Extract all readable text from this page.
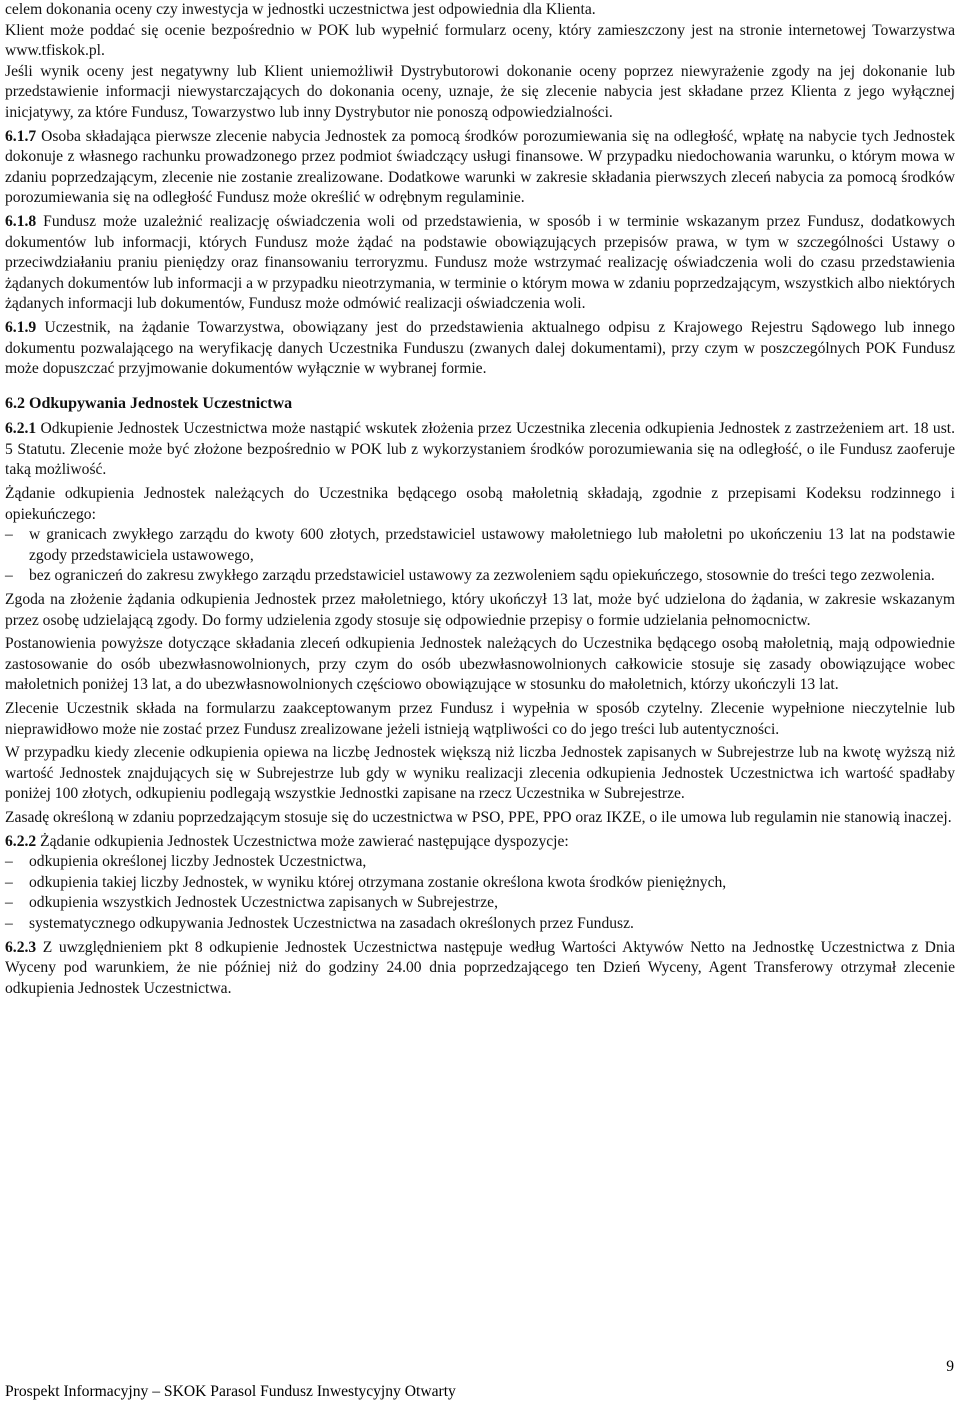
celem dokonania oceny czy inwestycja w jednostki uczestnictwa jest odpowiednia dla Klienta.

Klient może poddać się ocenie bezpośrednio w POK lub wypełnić formularz oceny, który zamieszczony jest na stronie internetowej Towarzystwa www.tfiskok.pl.

Jeśli wynik oceny jest negatywny lub Klient uniemożliwił Dystrybutorowi dokonanie oceny poprzez niewyrażenie zgody na jej dokonanie lub przedstawienie informacji niewystarczających do dokonania oceny, uznaje, że się zlecenie nabycia jest składane przez Klienta z jego wyłącznej inicjatywy, za które Fundusz, Towarzystwo lub inny Dystrybutor nie ponoszą odpowiedzialności.

6.1.7 Osoba składająca pierwsze zlecenie nabycia Jednostek za pomocą środków porozumiewania się na odległość, wpłatę na nabycie tych Jednostek dokonuje z własnego rachunku prowadzonego przez podmiot świadczący usługi finansowe. W przypadku niedochowania warunku, o którym mowa w zdaniu poprzedzającym, zlecenie nie zostanie zrealizowane. Dodatkowe warunki w zakresie składania pierwszych zleceń nabycia za pomocą środków porozumiewania się na odległość Fundusz może określić w odrębnym regulaminie.

6.1.8 Fundusz może uzależnić realizację oświadczenia woli od przedstawienia, w sposób i w terminie wskazanym przez Fundusz, dodatkowych dokumentów lub informacji, których Fundusz może żądać na podstawie obowiązujących przepisów prawa, w tym w szczególności Ustawy o przeciwdziałaniu praniu pieniędzy oraz finansowaniu terroryzmu. Fundusz może wstrzymać realizację oświadczenia woli do czasu przedstawienia żądanych dokumentów lub informacji a w przypadku nieotrzymania, w terminie o którym mowa w zdaniu poprzedzającym, wszystkich albo niektórych żądanych informacji lub dokumentów, Fundusz może odmówić realizacji oświadczenia woli.

6.1.9 Uczestnik, na żądanie Towarzystwa, obowiązany jest do przedstawienia aktualnego odpisu z Krajowego Rejestru Sądowego lub innego dokumentu pozwalającego na weryfikację danych Uczestnika Funduszu (zwanych dalej dokumentami), przy czym w poszczególnych POK Fundusz może dopuszczać przyjmowanie dokumentów wyłącznie w wybranej formie.

6.2 Odkupywania Jednostek Uczestnictwa

6.2.1 Odkupienie Jednostek Uczestnictwa może nastąpić wskutek złożenia przez Uczestnika zlecenia odkupienia Jednostek z zastrzeżeniem art. 18 ust. 5 Statutu. Zlecenie może być złożone bezpośrednio w POK lub z wykorzystaniem środków porozumiewania się na odległość, o ile Fundusz zaoferuje taką możliwość.

Żądanie odkupienia Jednostek należących do Uczestnika będącego osobą małoletnią składają, zgodnie z przepisami Kodeksu rodzinnego i opiekuńczego:

– w granicach zwykłego zarządu do kwoty 600 złotych, przedstawiciel ustawowy małoletniego lub małoletni po ukończeniu 13 lat na podstawie zgody przedstawiciela ustawowego,
– bez ograniczeń do zakresu zwykłego zarządu przedstawiciel ustawowy za zezwoleniem sądu opiekuńczego, stosownie do treści tego zezwolenia.

Zgoda na złożenie żądania odkupienia Jednostek przez małoletniego, który ukończył 13 lat, może być udzielona do żądania, w zakresie wskazanym przez osobę udzielającą zgody. Do formy udzielenia zgody stosuje się odpowiednie przepisy o formie udzielania pełnomocnictw.

Postanowienia powyższe dotyczące składania zleceń odkupienia Jednostek należących do Uczestnika będącego osobą małoletnią, mają odpowiednie zastosowanie do osób ubezwłasnowolnionych, przy czym do osób ubezwłasnowolnionych całkowicie stosuje się zasady obowiązujące wobec małoletnich poniżej 13 lat, a do ubezwłasnowolnionych częściowo obowiązujące w stosunku do małoletnich, którzy ukończyli 13 lat.

Zlecenie Uczestnik składa na formularzu zaakceptowanym przez Fundusz i wypełnia w sposób czytelny. Zlecenie wypełnione nieczytelnie lub nieprawidłowo może nie zostać przez Fundusz zrealizowane jeżeli istnieją wątpliwości co do jego treści lub autentyczności.

W przypadku kiedy zlecenie odkupienia opiewa na liczbę Jednostek większą niż liczba Jednostek zapisanych w Subrejestrze lub na kwotę wyższą niż wartość Jednostek znajdujących się w Subrejestrze lub gdy w wyniku realizacji zlecenia odkupienia Jednostek Uczestnictwa ich wartość spadłaby poniżej 100 złotych, odkupieniu podlegają wszystkie Jednostki zapisane na rzecz Uczestnika w Subrejestrze.

Zasadę określoną w zdaniu poprzedzającym stosuje się do uczestnictwa w PSO, PPE, PPO oraz IKZE, o ile umowa lub regulamin nie stanowią inaczej.

6.2.2 Żądanie odkupienia Jednostek Uczestnictwa może zawierać następujące dyspozycje:

– odkupienia określonej liczby Jednostek Uczestnictwa,
– odkupienia takiej liczby Jednostek, w wyniku której otrzymana zostanie określona kwota środków pieniężnych,
– odkupienia wszystkich Jednostek Uczestnictwa zapisanych w Subrejestrze,
– systematycznego odkupywania Jednostek Uczestnictwa na zasadach określonych przez Fundusz.

6.2.3 Z uwzględnieniem pkt 8 odkupienie Jednostek Uczestnictwa następuje według Wartości Aktywów Netto na Jednostkę Uczestnictwa z Dnia Wyceny pod warunkiem, że nie później niż do godziny 24.00 dnia poprzedzającego ten Dzień Wyceny, Agent Transferowy otrzymał zlecenie odkupienia Jednostek Uczestnictwa.

9
Prospekt Informacyjny – SKOK Parasol Fundusz Inwestycyjny Otwarty
